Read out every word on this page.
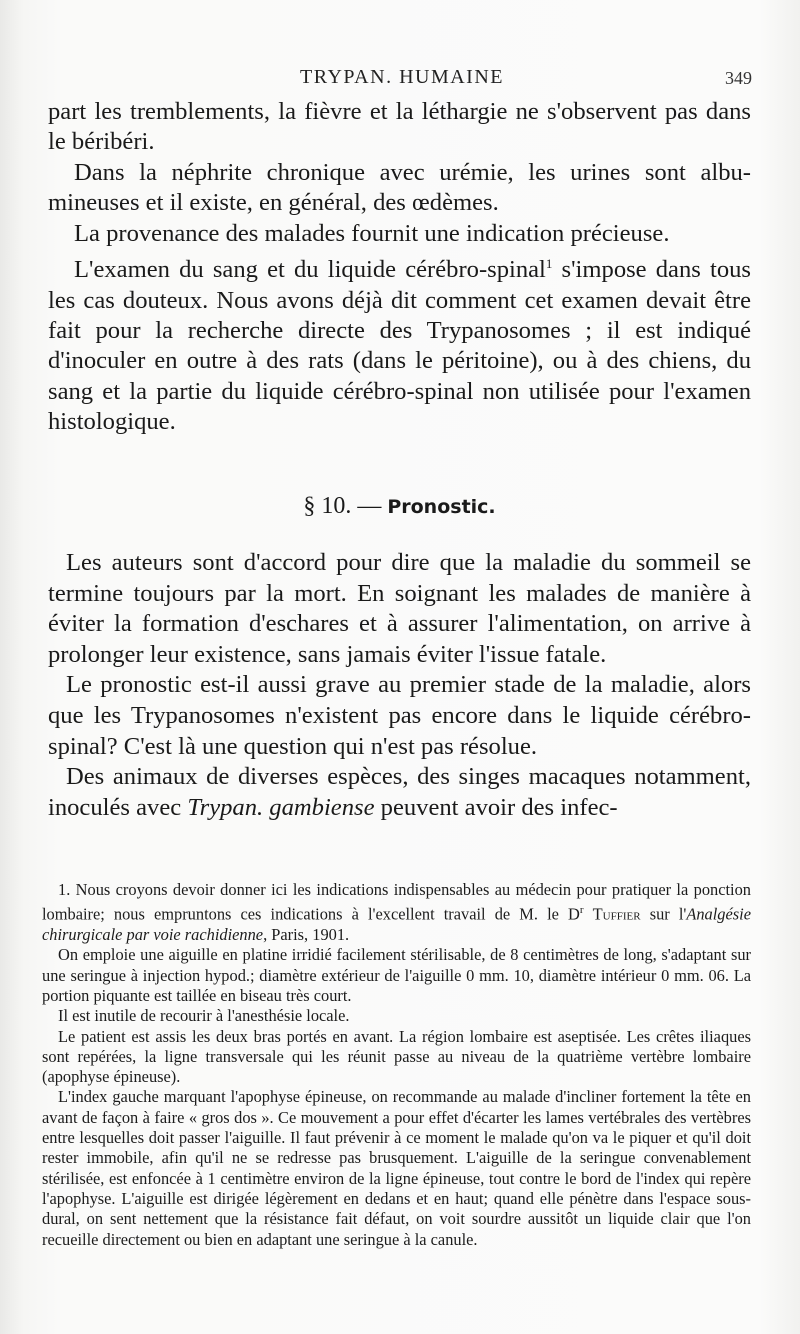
TRYPAN. HUMAINE	349

part les tremblements, la fièvre et la léthargie ne s'observent pas dans le béribéri.

Dans la néphrite chronique avec urémie, les urines sont albumineuses et il existe, en général, des œdèmes.

La provenance des malades fournit une indication précieuse.

L'examen du sang et du liquide cérébro-spinal$^1$ s'impose dans tous les cas douteux. Nous avons déjà dit comment cet examen devait être fait pour la recherche directe des Trypanosomes ; il est indiqué d'inoculer en outre à des rats (dans le péritoine), ou à des chiens, du sang et la partie du liquide cérébro-spinal non utilisée pour l'examen histologique.

§ 10. — Pronostic.

Les auteurs sont d'accord pour dire que la maladie du sommeil se termine toujours par la mort. En soignant les malades de manière à éviter la formation d'eschares et à assurer l'alimentation, on arrive à prolonger leur existence, sans jamais éviter l'issue fatale.

Le pronostic est-il aussi grave au premier stade de la maladie, alors que les Trypanosomes n'existent pas encore dans le liquide cérébro-spinal? C'est là une question qui n'est pas résolue.

Des animaux de diverses espèces, des singes macaques notamment, inoculés avec Trypan. gambiense peuvent avoir des infec-

1. Nous croyons devoir donner ici les indications indispensables au médecin pour pratiquer la ponction lombaire; nous empruntons ces indications à l'excellent travail de M. le $D^r$ Tuffier sur l'Analgésie chirurgicale par voie rachidienne, Paris, 1901.

On emploie une aiguille en platine irridié facilement stérilisable, de 8 centimètres de long, s'adaptant sur une seringue à injection hypod.; diamètre extérieur de l'aiguille 0 mm. 10, diamètre intérieur 0 mm. 06. La portion piquante est taillée en biseau très court.

Il est inutile de recourir à l'anesthésie locale.

Le patient est assis les deux bras portés en avant. La région lombaire est aseptisée. Les crêtes iliaques sont repérées, la ligne transversale qui les réunit passe au niveau de la quatrième vertèbre lombaire (apophyse épineuse).

L'index gauche marquant l'apophyse épineuse, on recommande au malade d'incliner fortement la tête en avant de façon à faire « gros dos ». Ce mouvement a pour effet d'écarter les lames vertébrales des vertèbres entre lesquelles doit passer l'aiguille. Il faut prévenir à ce moment le malade qu'on va le piquer et qu'il doit rester immobile, afin qu'il ne se redresse pas brusquement. L'aiguille de la seringue convenablement stérilisée, est enfoncée à 1 centimètre environ de la ligne épineuse, tout contre le bord de l'index qui repère l'apophyse. L'aiguille est dirigée légèrement en dedans et en haut; quand elle pénètre dans l'espace sous-dural, on sent nettement que la résistance fait défaut, on voit sourdre aussitôt un liquide clair que l'on recueille directement ou bien en adaptant une seringue à la canule.
